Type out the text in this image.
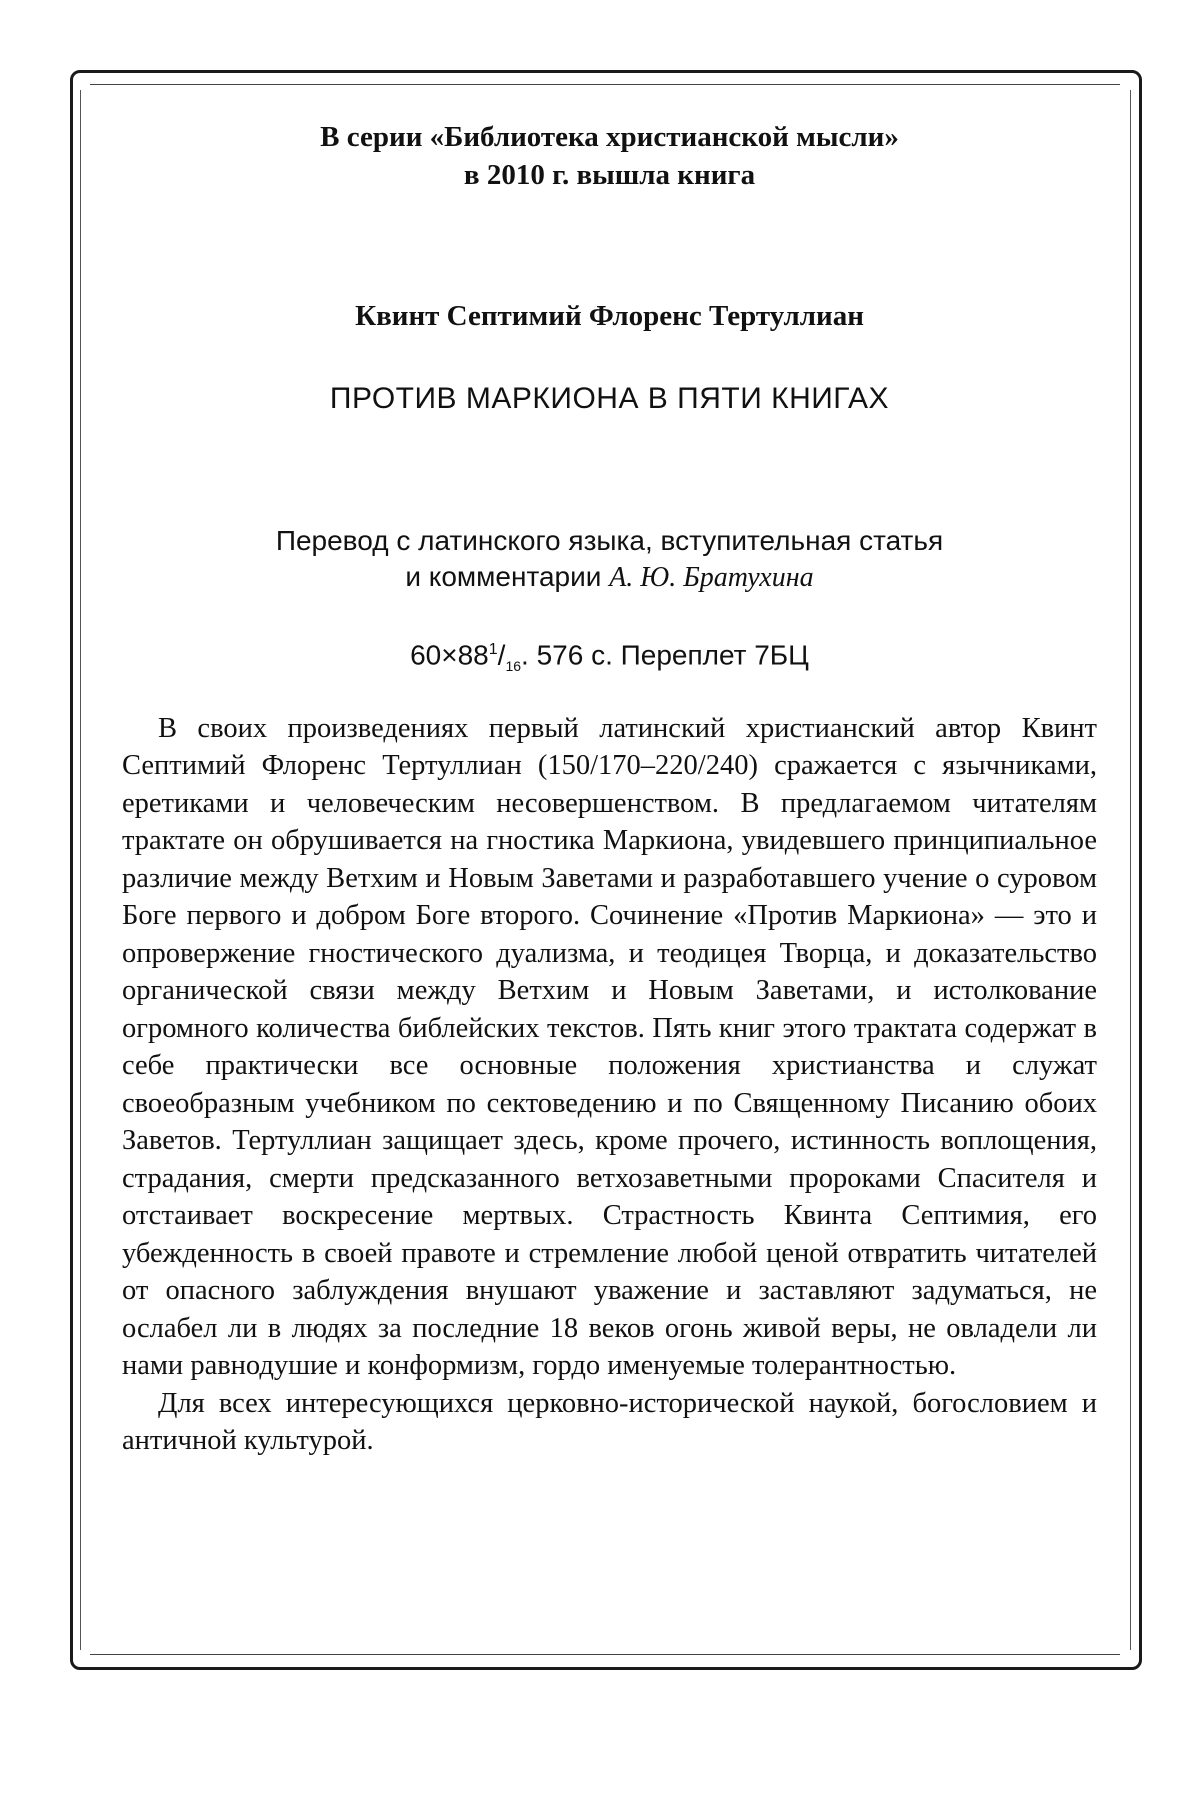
В серии «Библиотека христианской мысли»
в 2010 г. вышла книга

Квинт Септимий Флоренс Тертуллиан

ПРОТИВ МАРКИОНА В ПЯТИ КНИГАХ

Перевод с латинского языка, вступительная статья
и комментарии А. Ю. Братухина

$60\times 88^1/_{16}$. 576 с. Переплет 7БЦ

В своих произведениях первый латинский христианский автор Квинт Септимий Флоренс Тертуллиан (150/170–220/240) сражается с язычниками, еретиками и человеческим несовершенством. В предлагаемом читателям трактате он обрушивается на гностика Маркиона, увидевшего принципиальное различие между Ветхим и Новым Заветами и разработавшего учение о суровом Боге первого и добром Боге второго. Сочинение «Против Маркиона» — это и опровержение гностического дуализма, и теодицея Творца, и доказательство органической связи между Ветхим и Новым Заветами, и истолкование огромного количества библейских текстов. Пять книг этого трактата содержат в себе практически все основные положения христианства и служат своеобразным учебником по сектоведению и по Священному Писанию обоих Заветов. Тертуллиан защищает здесь, кроме прочего, истинность воплощения, страдания, смерти предсказанного ветхозаветными пророками Спасителя и отстаивает воскресение мертвых. Страстность Квинта Септимия, его убежденность в своей правоте и стремление любой ценой отвратить читателей от опасного заблуждения внушают уважение и заставляют задуматься, не ослабел ли в людях за последние 18 веков огонь живой веры, не овладели ли нами равнодушие и конформизм, гордо именуемые толерантностью.

Для всех интересующихся церковно-исторической наукой, богословием и античной культурой.
